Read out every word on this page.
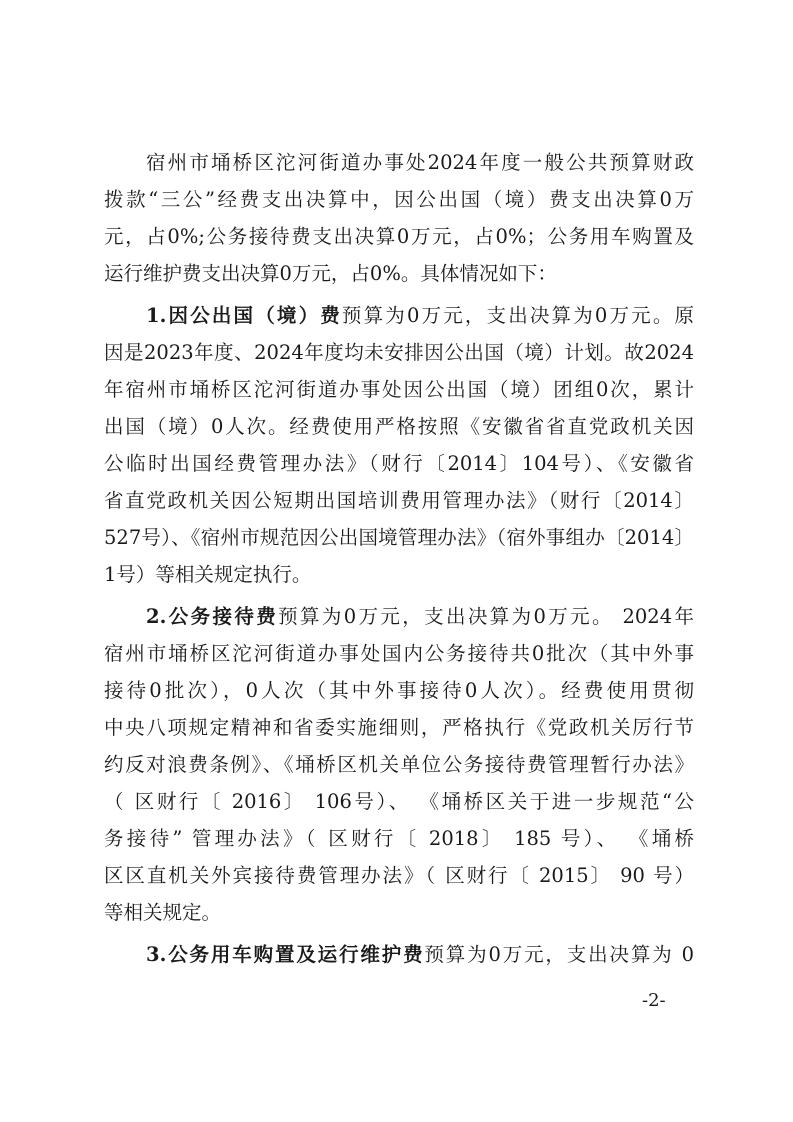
宿州市埇桥区沱河街道办事处2024年度一般公共预算财政
拨款“三公”经费支出决算中，因公出国（境）费支出决算0万
元，占0%;公务接待费支出决算0万元，占0%；公务用车购置及
运行维护费支出决算0万元，占0%。具体情况如下：
1.因公出国（境）费预算为0万元，支出决算为0万元。原
因是2023年度、2024年度均未安排因公出国（境）计划。故2024
年宿州市埇桥区沱河街道办事处因公出国（境）团组0次，累计
出国（境）0人次。经费使用严格按照《安徽省省直党政机关因
公临时出国经费管理办法》（财行〔2014〕104号）、《安徽省
省直党政机关因公短期出国培训费用管理办法》（财行〔2014〕
527号）、《宿州市规范因公出国境管理办法》（宿外事组办〔2014〕
1号）等相关规定执行。
2.公务接待费预算为0万元，支出决算为0万元。 2024年
宿州市埇桥区沱河街道办事处国内公务接待共0批次（其中外事
接待0批次），0人次（其中外事接待0人次）。经费使用贯彻
中央八项规定精神和省委实施细则，严格执行《党政机关厉行节
约反对浪费条例》、《埇桥区机关单位公务接待费管理暂行办法》
（ 区财行〔 2016〕 106号）、 《埇桥区关于进一步规范“公
务接待” 管理办法》（ 区财行〔 2018〕 185 号）、 《埇桥
区区直机关外宾接待费管理办法》（ 区财行〔 2015〕 90 号）
等相关规定。
3.公务用车购置及运行维护费预算为0万元，支出决算为 0
-2-
